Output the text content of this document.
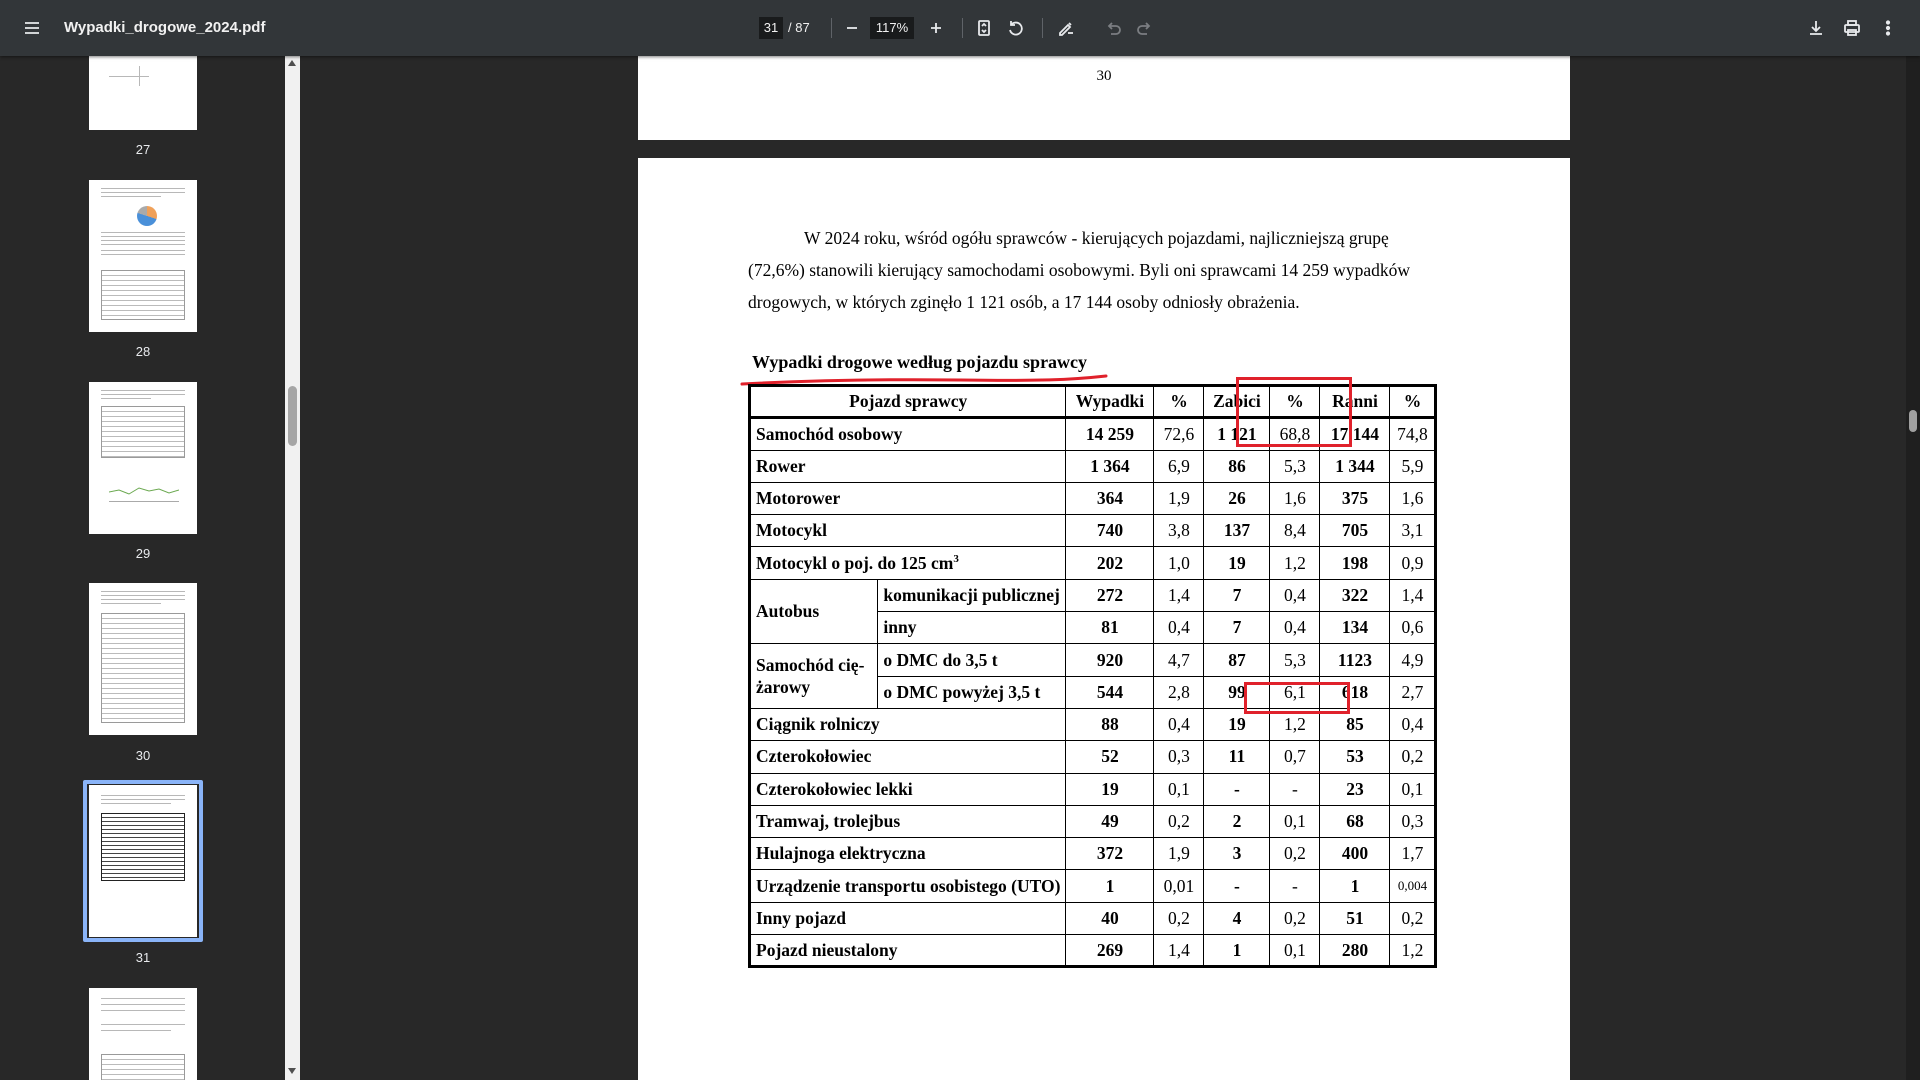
Wypadki_drogowe_2024.pdf	31 / 87	117%
27
28
29
30
31
30
W 2024 roku, wśród ogółu sprawców - kierujących pojazdami, najliczniejszą grupę
(72,6%) stanowili kierujący samochodami osobowymi. Byli oni sprawcami 14 259 wypadków
drogowych, w których zginęło 1 121 osób, a 17 144 osoby odniosły obrażenia.
Wypadki drogowe według pojazdu sprawcy
Pojazd sprawcy		Wypadki	%	Zabici	%	Ranni	%
Samochód osobowy		14 259	72,6	1 121	68,8	17 144	74,8
Rower		1 364	6,9	86	5,3	1 344	5,9
Motorower		364	1,9	26	1,6	375	1,6
Motocykl		740	3,8	137	8,4	705	3,1
Motocykl o poj. do 125 $cm^3$		202	1,0	19	1,2	198	0,9
Autobus	komunikacji publicznej	272	1,4	7	0,4	322	1,4
	inny	81	0,4	7	0,4	134	0,6

Samochód cię-
żarowy	o DMC do 3,5 t	920	4,7	87	5,3	1123	4,9
	o DMC powyżej 3,5 t	544	2,8	99	6,1	618	2,7
Ciągnik rolniczy		88	0,4	19	1,2	85	0,4
Czterokołowiec		52	0,3	11	0,7	53	0,2
Czterokołowiec lekki		19	0,1	-	-	23	0,1
Tramwaj, trolejbus		49	0,2	2	0,1	68	0,3
Hulajnoga elektryczna		372	1,9	3	0,2	400	1,7
Urządzenie transportu osobistego (UTO)		1	0,01	-	-	1	0,004
Inny pojazd		40	0,2	4	0,2	51	0,2
Pojazd nieustalony		269	1,4	1	0,1	280	1,2
